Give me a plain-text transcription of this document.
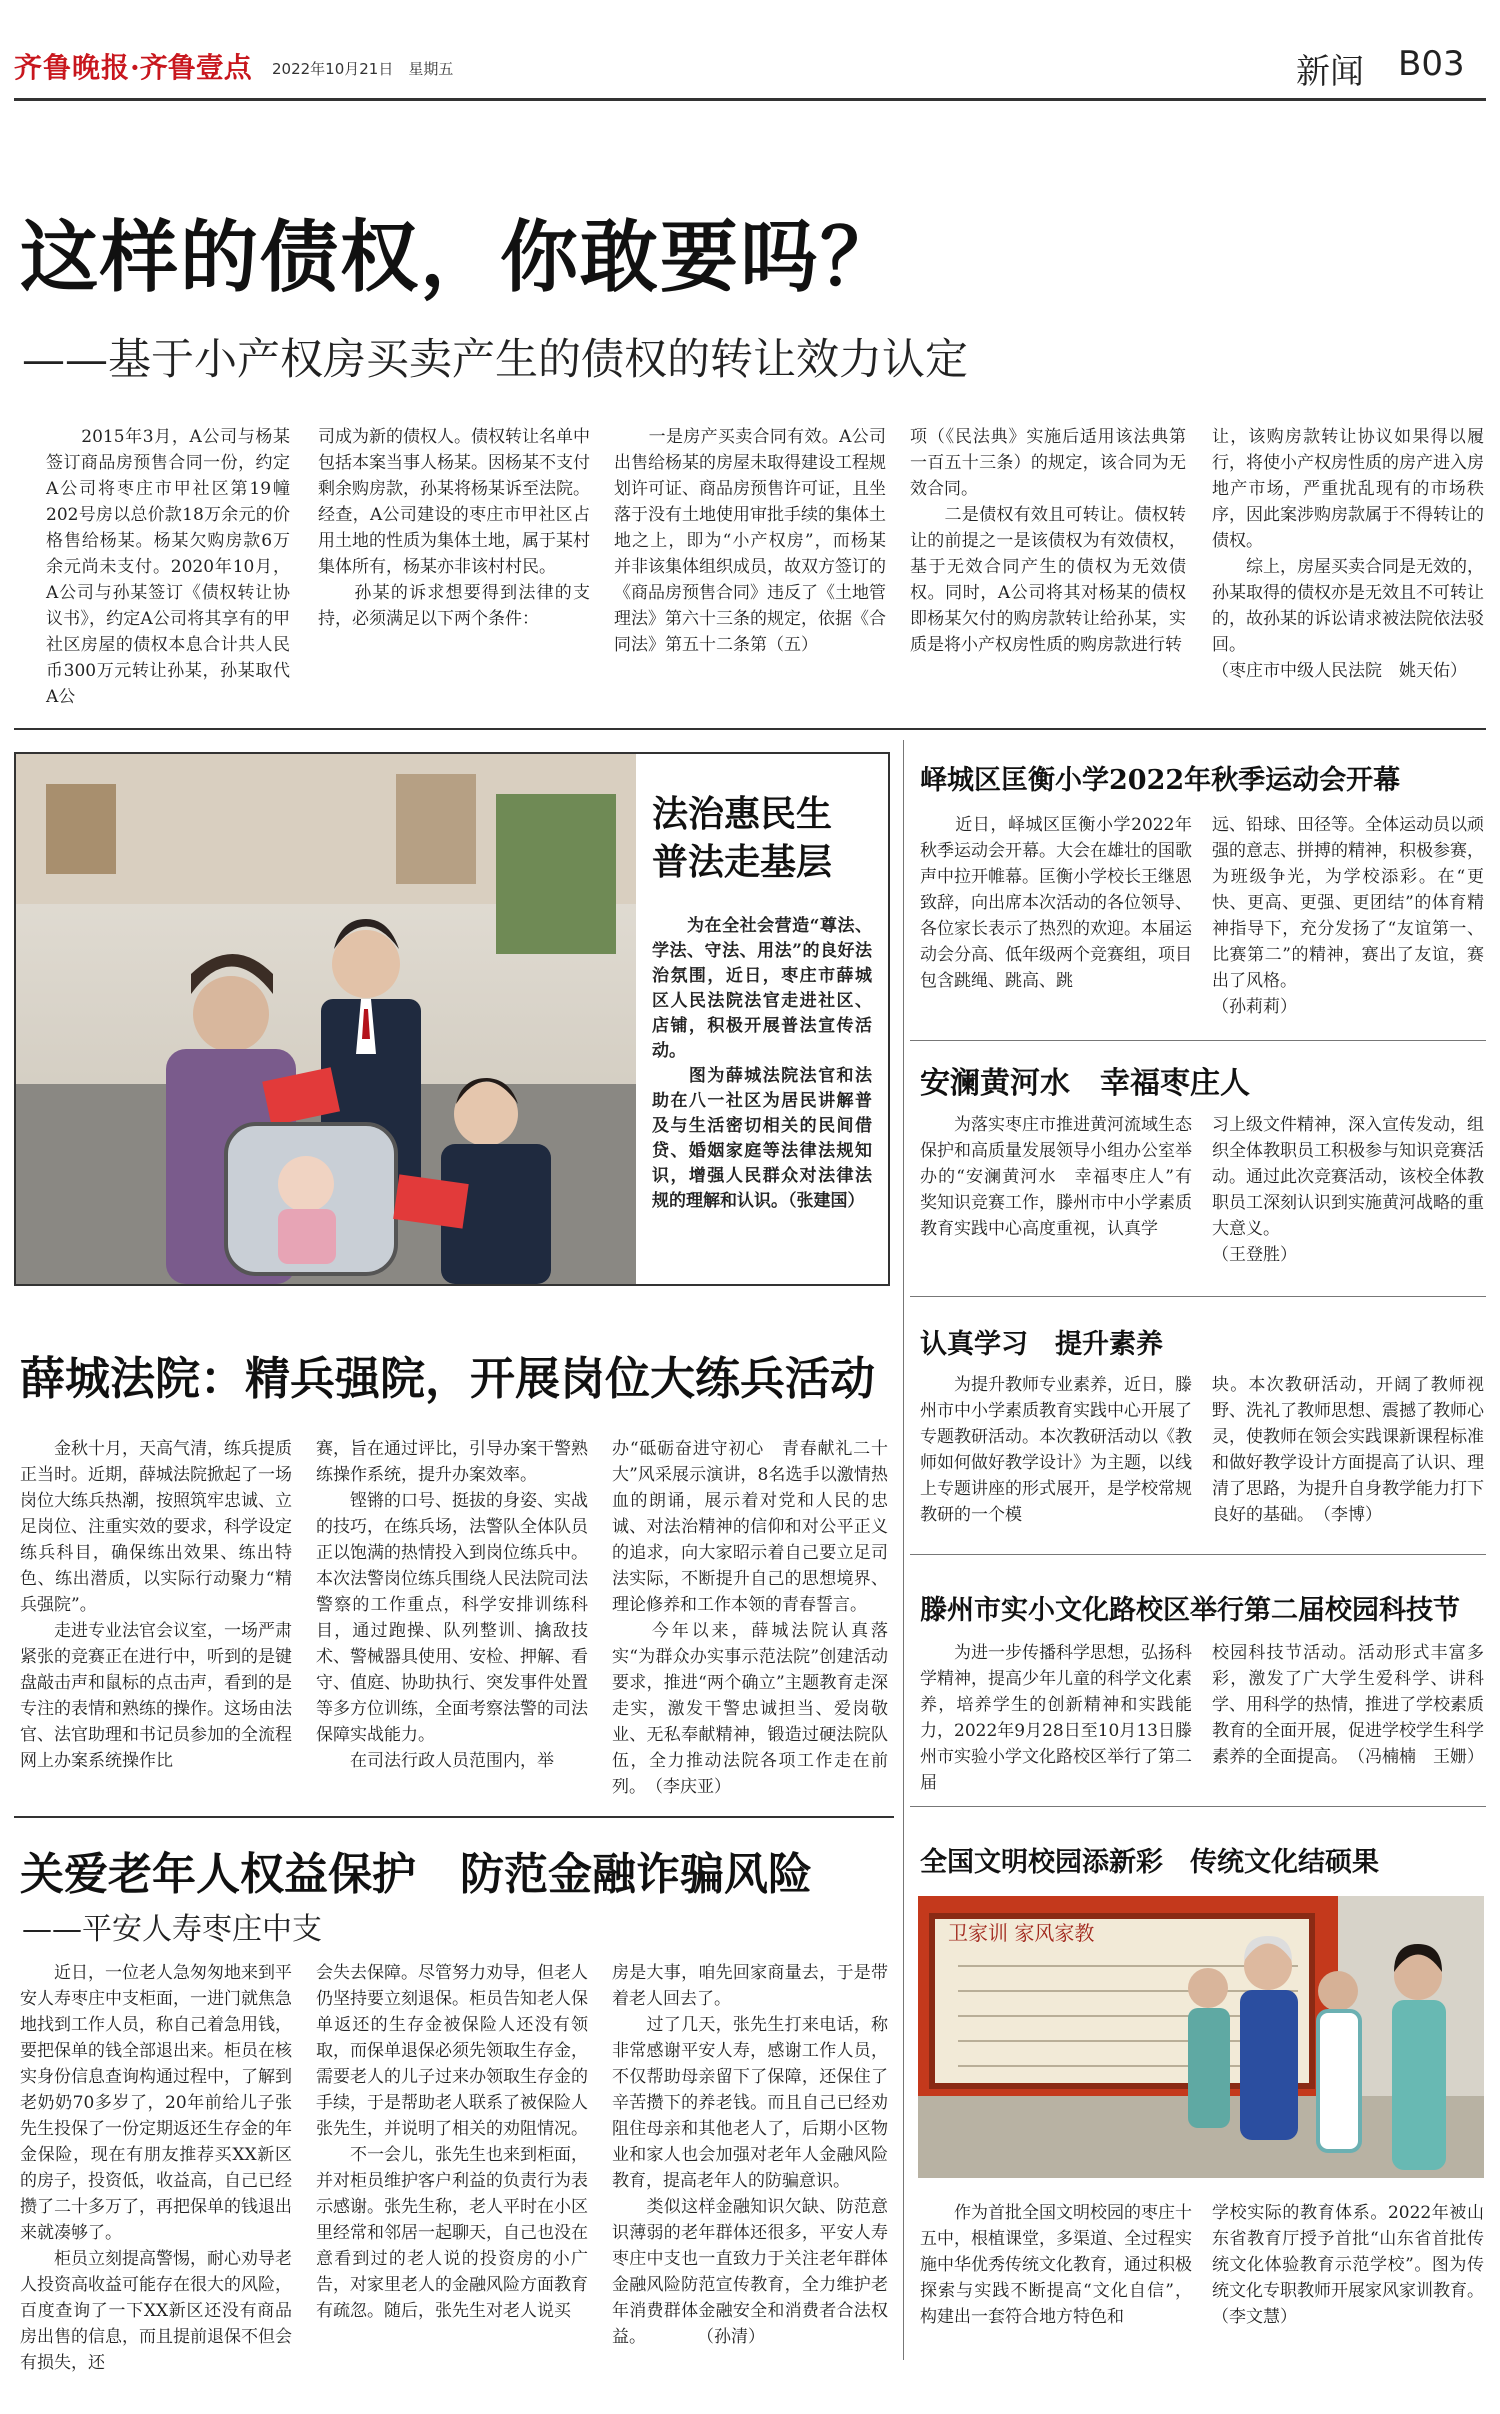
齐鲁晚报 ·齐鲁壹点 2022年10月21日　星期五	新闻 B03
这样的债权，你敢要吗？
——基于小产权房买卖产生的债权的转让效力认定
　　2015年3月，A公司与杨某签订商品房预售合同一份，约定A公司将枣庄市甲社区第19幢202号房以总价款18万余元的价格售给杨某。杨某欠购房款6万余元尚未支付。2020年10月，A公司与孙某签订《债权转让协议书》，约定A公司将其享有的甲社区房屋的债权本息合计共人民币300万元转让孙某，孙某取代A公
司成为新的债权人。债权转让名单中包括本案当事人杨某。因杨某不支付剩余购房款，孙某将杨某诉至法院。经查，A公司建设的枣庄市甲社区占用土地的性质为集体土地，属于某村集体所有，杨某亦非该村村民。
　　孙某的诉求想要得到法律的支持，必须满足以下两个条件：
　　一是房产买卖合同有效。A公司出售给杨某的房屋未取得建设工程规划许可证、商品房预售许可证，且坐落于没有土地使用审批手续的集体土地之上，即为“小产权房”，而杨某并非该集体组织成员，故双方签订的《商品房预售合同》违反了《土地管理法》第六十三条的规定，依据《合同法》第五十二条第（五）
项（《民法典》实施后适用该法典第一百五十三条）的规定，该合同为无效合同。
　　二是债权有效且可转让。债权转让的前提之一是该债权为有效债权，基于无效合同产生的债权为无效债权。同时，A公司将其对杨某的债权即杨某欠付的购房款转让给孙某，实质是将小产权房性质的购房款进行转
让，该购房款转让协议如果得以履行，将使小产权房性质的房产进入房地产市场，严重扰乱现有的市场秩序，因此案涉购房款属于不得转让的债权。
　　综上，房屋买卖合同是无效的，孙某取得的债权亦是无效且不可转让的，故孙某的诉讼请求被法院依法驳回。
（枣庄市中级人民法院　姚天佑）
法治惠民生
普法走基层
　　为在全社会营造“尊法、学法、守法、用法”的良好法治氛围，近日，枣庄市薛城区人民法院法官走进社区、店铺，积极开展普法宣传活动。
　　图为薛城法院法官和法助在八一社区为居民讲解普及与生活密切相关的民间借贷、婚姻家庭等法律法规知识，增强人民群众对法律法规的理解和认识。（张建国）
峄城区匡衡小学2022年秋季运动会开幕
　　近日，峄城区匡衡小学2022年秋季运动会开幕。大会在雄壮的国歌声中拉开帷幕。匡衡小学校长王继恩致辞，向出席本次活动的各位领导、各位家长表示了热烈的欢迎。本届运动会分高、低年级两个竞赛组，项目包含跳绳、跳高、跳
远、铅球、田径等。全体运动员以顽强的意志、拼搏的精神，积极参赛，为班级争光，为学校添彩。在“更快、更高、更强、更团结”的体育精神指导下，充分发扬了“友谊第一、比赛第二”的精神，赛出了友谊，赛出了风格。
（孙莉莉）
安澜黄河水　幸福枣庄人
　　为落实枣庄市推进黄河流域生态保护和高质量发展领导小组办公室举办的“安澜黄河水　幸福枣庄人”有奖知识竞赛工作，滕州市中小学素质教育实践中心高度重视，认真学
习上级文件精神，深入宣传发动，组织全体教职员工积极参与知识竞赛活动。通过此次竞赛活动，该校全体教职员工深刻认识到实施黄河战略的重大意义。
（王登胜）
薛城法院：精兵强院，开展岗位大练兵活动
　　金秋十月，天高气清，练兵提质正当时。近期，薛城法院掀起了一场岗位大练兵热潮，按照筑牢忠诚、立足岗位、注重实效的要求，科学设定练兵科目，确保练出效果、练出特色、练出潜质，以实际行动聚力“精兵强院”。
　　走进专业法官会议室，一场严肃紧张的竞赛正在进行中，听到的是键盘敲击声和鼠标的点击声，看到的是专注的表情和熟练的操作。这场由法官、法官助理和书记员参加的全流程网上办案系统操作比
赛，旨在通过评比，引导办案干警熟练操作系统，提升办案效率。
　　铿锵的口号、挺拔的身姿、实战的技巧，在练兵场，法警队全体队员正以饱满的热情投入到岗位练兵中。本次法警岗位练兵围绕人民法院司法警察的工作重点，科学安排训练科目，通过跑操、队列整训、擒敌技术、警械器具使用、安检、押解、看守、值庭、协助执行、突发事件处置等多方位训练，全面考察法警的司法保障实战能力。
　　在司法行政人员范围内，举
办“砥砺奋进守初心　青春献礼二十大”风采展示演讲，8名选手以激情热血的朗诵，展示着对党和人民的忠诚、对法治精神的信仰和对公平正义的追求，向大家昭示着自己要立足司法实际，不断提升自己的思想境界、理论修养和工作本领的青春誓言。
　　今年以来，薛城法院认真落实“为群众办实事示范法院”创建活动要求，推进“两个确立”主题教育走深走实，激发干警忠诚担当、爱岗敬业、无私奉献精神，锻造过硬法院队伍，全力推动法院各项工作走在前列。　（李庆亚）
认真学习　提升素养
　　为提升教师专业素养，近日，滕州市中小学素质教育实践中心开展了专题教研活动。本次教研活动以《教师如何做好教学设计》为主题，以线上专题讲座的形式展开，是学校常规教研的一个模
块。本次教研活动，开阔了教师视野、洗礼了教师思想、震撼了教师心灵，使教师在领会实践课新课程标准和做好教学设计方面提高了认识、理清了思路，为提升自身教学能力打下良好的基础。　（李博）
滕州市实小文化路校区举行第二届校园科技节
　　为进一步传播科学思想，弘扬科学精神，提高少年儿童的科学文化素养，培养学生的创新精神和实践能力，2022年9月28日至10月13日滕州市实验小学文化路校区举行了第二届
校园科技节活动。活动形式丰富多彩，激发了广大学生爱科学、讲科学、用科学的热情，推进了学校素质教育的全面开展，促进学校学生科学素养的全面提高。　（冯楠楠　王姗）
关爱老年人权益保护　防范金融诈骗风险
——平安人寿枣庄中支
　　近日，一位老人急匆匆地来到平安人寿枣庄中支柜面，一进门就焦急地找到工作人员，称自己着急用钱，要把保单的钱全部退出来。柜员在核实身份信息查询构通过程中，了解到老奶奶70多岁了，20年前给儿子张先生投保了一份定期返还生存金的年金保险，现在有朋友推荐买XX新区的房子，投资低，收益高，自己已经攒了二十多万了，再把保单的钱退出来就凑够了。
　　柜员立刻提高警惕，耐心劝导老人投资高收益可能存在很大的风险，百度查询了一下XX新区还没有商品房出售的信息，而且提前退保不但会有损失，还
会失去保障。尽管努力劝导，但老人仍坚持要立刻退保。柜员告知老人保单返还的生存金被保险人还没有领取，而保单退保必须先领取生存金，需要老人的儿子过来办领取生存金的手续，于是帮助老人联系了被保险人张先生，并说明了相关的劝阻情况。
　　不一会儿，张先生也来到柜面，并对柜员维护客户利益的负责行为表示感谢。张先生称，老人平时在小区里经常和邻居一起聊天，自己也没在意看到过的老人说的投资房的小广告，对家里老人的金融风险方面教育有疏忽。随后，张先生对老人说买
房是大事，咱先回家商量去，于是带着老人回去了。
　　过了几天，张先生打来电话，称非常感谢平安人寿，感谢工作人员，不仅帮助母亲留下了保障，还保住了辛苦攒下的养老钱。而且自己已经劝阻住母亲和其他老人了，后期小区物业和家人也会加强对老年人金融风险教育，提高老年人的防骗意识。
　　类似这样金融知识欠缺、防范意识薄弱的老年群体还很多，平安人寿枣庄中支也一直致力于关注老年群体金融风险防范宣传教育，全力维护老年消费群体金融安全和消费者合法权益。　　　　（孙清）
全国文明校园添新彩　传统文化结硕果
卫家训 家风家教
　　作为首批全国文明校园的枣庄十五中，根植课堂，多渠道、全过程实施中华优秀传统文化教育，通过积极探索与实践不断提高“文化自信”，构建出一套符合地方特色和
学校实际的教育体系。2022年被山东省教育厅授予首批“山东省首批传统文化体验教育示范学校”。图为传统文化专职教师开展家风家训教育。
（李文慧）
